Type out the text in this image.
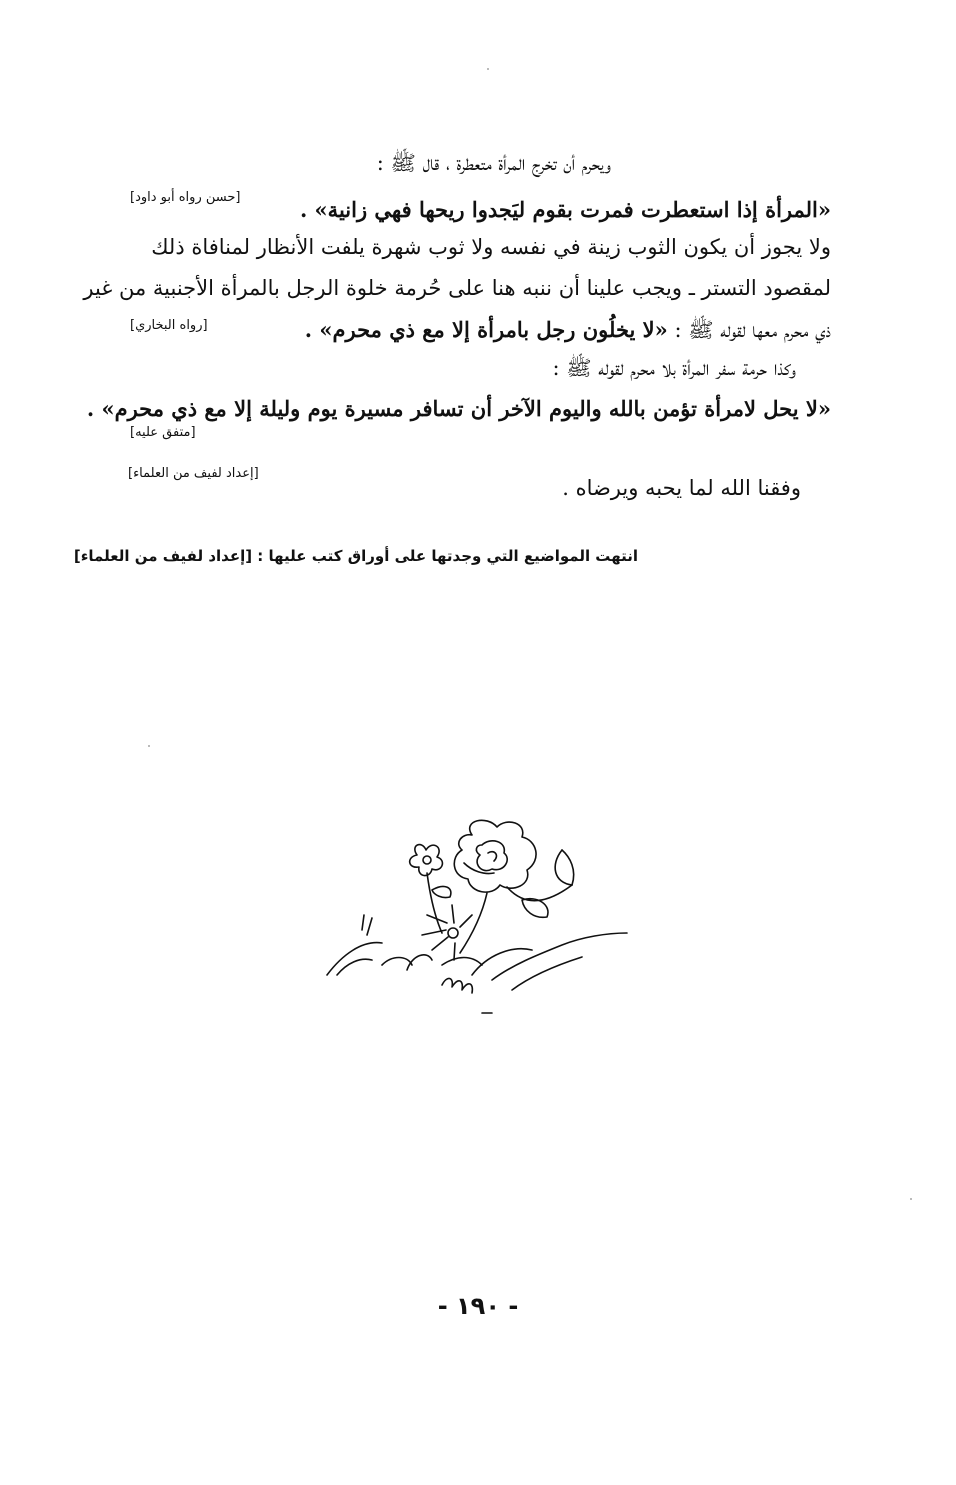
ويحرم أن تخرج المرأة متعطرة ، قال ﷺ :
«المرأة إذا استعطرت فمرت بقوم ليَجدوا ريحها فهي زانية» .
[حسن رواه أبو داود]
ولا يجوز أن يكون الثوب زينة في نفسه ولا ثوب شهرة يلفت الأنظار لمنافاة ذلك
لمقصود التستر ـ ويجب علينا أن ننبه هنا على حُرمة خلوة الرجل بالمرأة الأجنبية من غير
ذي محرم معها لقوله ﷺ : «لا يخلُون رجل بامرأة إلا مع ذي محرم» .
[رواه البخاري]
وكذا حرمة سفر المرأة بلا محرم لقوله ﷺ :
«لا يحل لامرأة تؤمن بالله واليوم الآخر أن تسافر مسيرة يوم وليلة إلا مع ذي محرم» .
[متفق عليه]
وفقنا الله لما يحبه ويرضاه .
[إعداد لفيف من العلماء]
انتهت المواضيع التي وجدتها على أوراق كتب عليها : [إعداد لفيف من العلماء]
- ١٩٠ -
